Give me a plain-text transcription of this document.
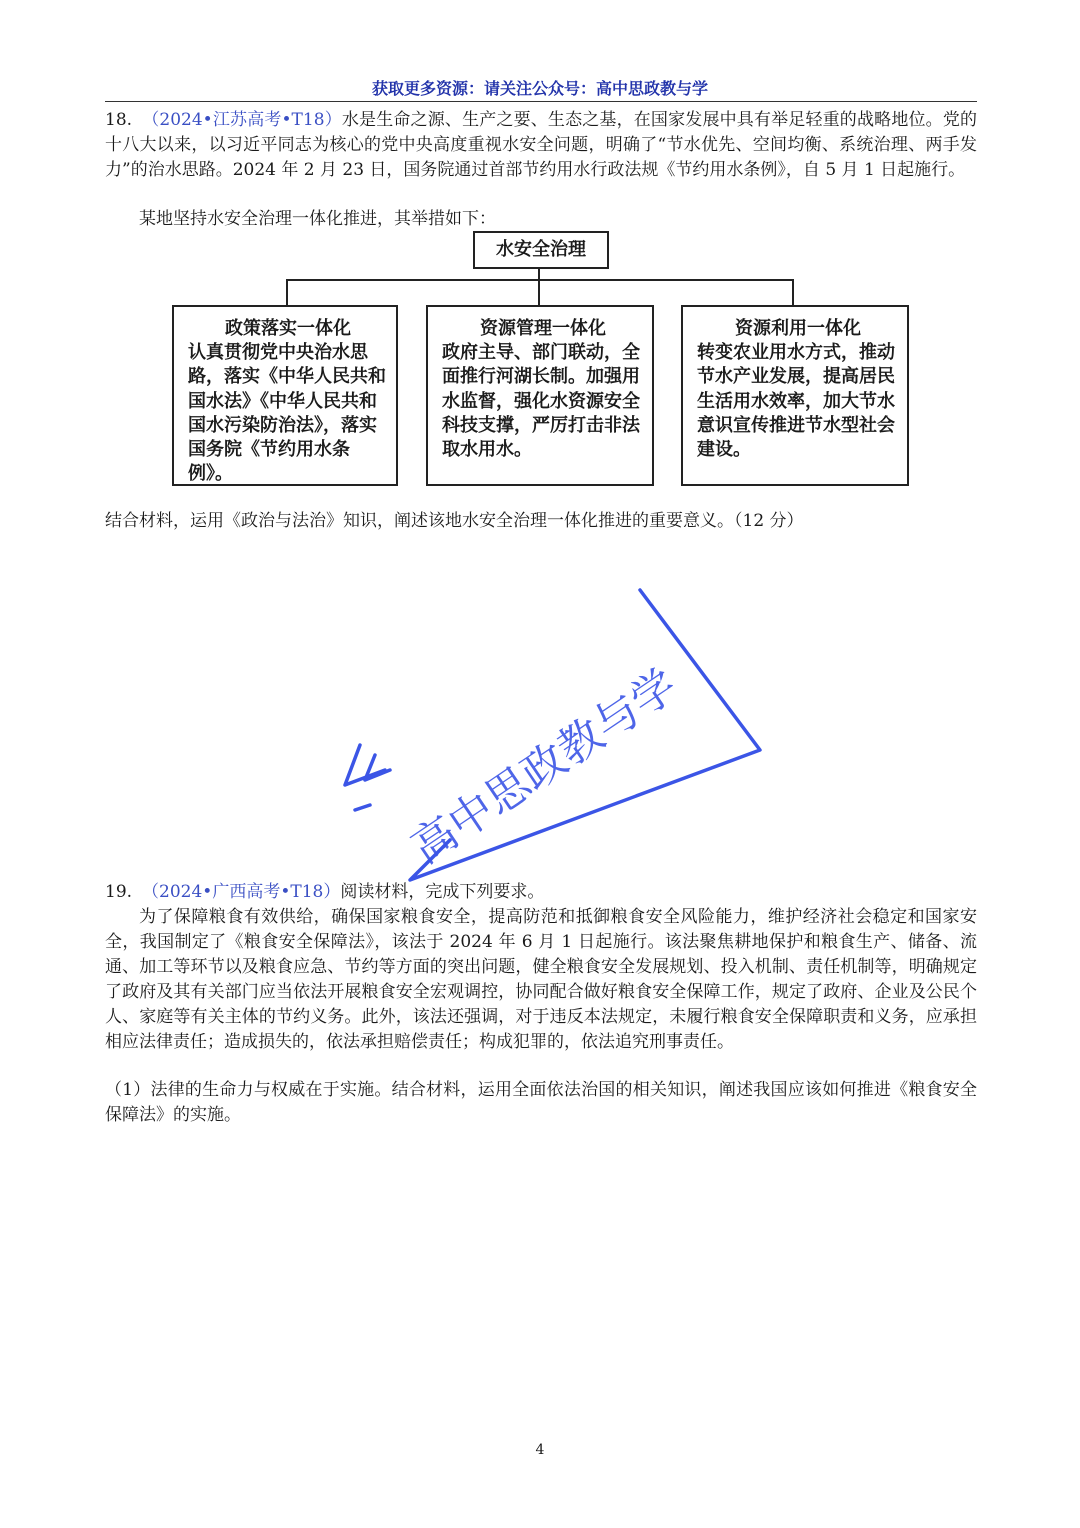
获取更多资源：请关注公众号：高中思政教与学

18. （2024•江苏高考•T18）水是生命之源、生产之要、生态之基，在国家发展中具有举足轻重的战略地位。党的十八大以来，以习近平同志为核心的党中央高度重视水安全问题，明确了“节水优先、空间均衡、系统治理、两手发力”的治水思路。2024 年 2 月 23 日，国务院通过首部节约用水行政法规《节约用水条例》，自 5 月 1 日起施行。

某地坚持水安全治理一体化推进，其举措如下：

水安全治理
政策落实一体化
认真贯彻党中央治水思路，落实《中华人民共和国水法》《中华人民共和国水污染防治法》，落实国务院《节约用水条例》。
资源管理一体化
政府主导、部门联动，全面推行河湖长制。加强用水监督，强化水资源安全科技支撑，严厉打击非法取水用水。
资源利用一体化
转变农业用水方式，推动节水产业发展，提高居民生活用水效率，加大节水意识宣传推进节水型社会建设。

结合材料，运用《政治与法治》知识，阐述该地水安全治理一体化推进的重要意义。（12 分）

高中思政教与学

19. （2024•广西高考•T18）阅读材料，完成下列要求。

为了保障粮食有效供给，确保国家粮食安全，提高防范和抵御粮食安全风险能力，维护经济社会稳定和国家安全，我国制定了《粮食安全保障法》，该法于 2024 年 6 月 1 日起施行。该法聚焦耕地保护和粮食生产、储备、流通、加工等环节以及粮食应急、节约等方面的突出问题，健全粮食安全发展规划、投入机制、责任机制等，明确规定了政府及其有关部门应当依法开展粮食安全宏观调控，协同配合做好粮食安全保障工作，规定了政府、企业及公民个人、家庭等有关主体的节约义务。此外，该法还强调，对于违反本法规定，未履行粮食安全保障职责和义务，应承担相应法律责任；造成损失的，依法承担赔偿责任；构成犯罪的，依法追究刑事责任。

（1）法律的生命力与权威在于实施。结合材料，运用全面依法治国的相关知识，阐述我国应该如何推进《粮食安全保障法》的实施。

4
